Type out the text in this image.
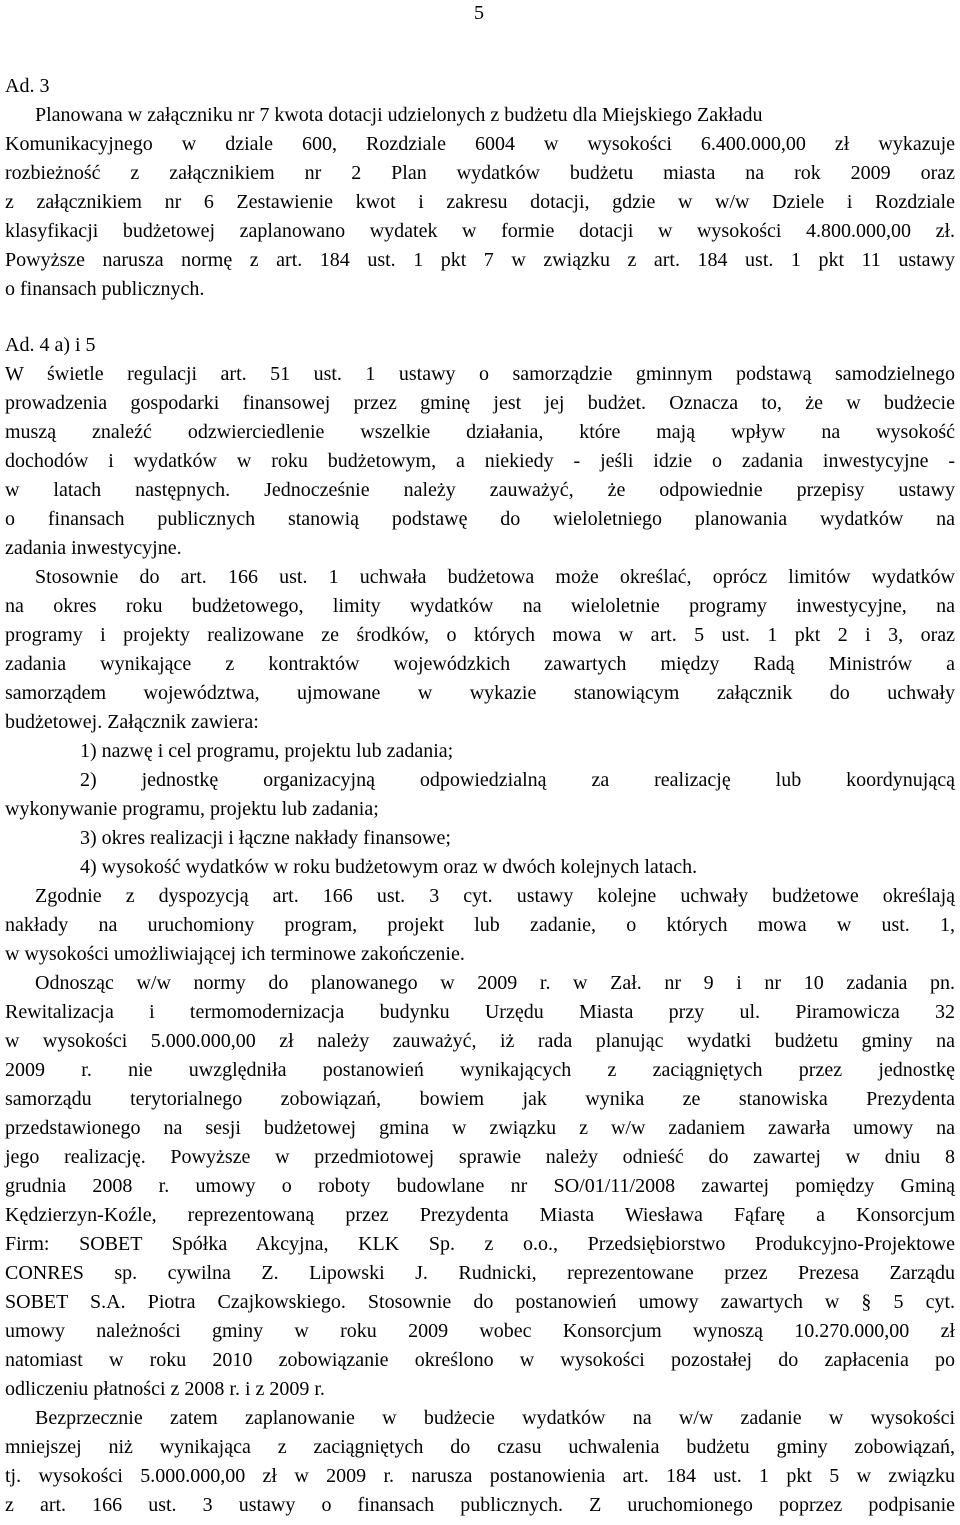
5
Ad. 3
Planowana w załączniku nr 7 kwota dotacji udzielonych z budżetu dla Miejskiego Zakładu
Komunikacyjnego w dziale 600, Rozdziale 6004 w wysokości 6.400.000,00 zł wykazuje
rozbieżność z załącznikiem nr 2 Plan wydatków budżetu miasta na rok 2009 oraz
z załącznikiem nr 6 Zestawienie kwot i zakresu dotacji, gdzie w w/w Dziele i Rozdziale
klasyfikacji budżetowej zaplanowano wydatek w formie dotacji w wysokości 4.800.000,00 zł.
Powyższe narusza normę z art. 184 ust. 1 pkt 7 w związku z art. 184 ust. 1 pkt 11 ustawy
o finansach publicznych.
Ad. 4 a) i 5
W świetle regulacji art. 51 ust. 1 ustawy o samorządzie gminnym podstawą samodzielnego
prowadzenia gospodarki finansowej przez gminę jest jej budżet. Oznacza to, że w budżecie
muszą znaleźć odzwierciedlenie wszelkie działania, które mają wpływ na wysokość
dochodów i wydatków w roku budżetowym, a niekiedy - jeśli idzie o zadania inwestycyjne -
w latach następnych. Jednocześnie należy zauważyć, że odpowiednie przepisy ustawy
o finansach publicznych stanowią podstawę do wieloletniego planowania wydatków na
zadania inwestycyjne.
Stosownie do art. 166 ust. 1 uchwała budżetowa może określać, oprócz limitów wydatków
na okres roku budżetowego, limity wydatków na wieloletnie programy inwestycyjne, na
programy i projekty realizowane ze środków, o których mowa w art. 5 ust. 1 pkt 2 i 3, oraz
zadania wynikające z kontraktów wojewódzkich zawartych między Radą Ministrów a
samorządem województwa, ujmowane w wykazie stanowiącym załącznik do uchwały
budżetowej. Załącznik zawiera:
1) nazwę i cel programu, projektu lub zadania;
2) jednostkę organizacyjną odpowiedzialną za realizację lub koordynującą
wykonywanie programu, projektu lub zadania;
3) okres realizacji i łączne nakłady finansowe;
4) wysokość wydatków w roku budżetowym oraz w dwóch kolejnych latach.
Zgodnie z dyspozycją art. 166 ust. 3 cyt. ustawy kolejne uchwały budżetowe określają
nakłady na uruchomiony program, projekt lub zadanie, o których mowa w ust. 1,
w wysokości umożliwiającej ich terminowe zakończenie.
Odnosząc w/w normy do planowanego w 2009 r. w Zał. nr 9 i nr 10 zadania pn.
Rewitalizacja i termomodernizacja budynku Urzędu Miasta przy ul. Piramowicza 32
w wysokości 5.000.000,00 zł należy zauważyć, iż rada planując wydatki budżetu gminy na
2009 r. nie uwzględniła postanowień wynikających z zaciągniętych przez jednostkę
samorządu terytorialnego zobowiązań, bowiem jak wynika ze stanowiska Prezydenta
przedstawionego na sesji budżetowej gmina w związku z w/w zadaniem zawarła umowy na
jego realizację. Powyższe w przedmiotowej sprawie należy odnieść do zawartej w dniu 8
grudnia 2008 r. umowy o roboty budowlane nr SO/01/11/2008 zawartej pomiędzy Gminą
Kędzierzyn-Koźle, reprezentowaną przez Prezydenta Miasta Wiesława Fąfarę a Konsorcjum
Firm: SOBET Spółka Akcyjna, KLK Sp. z o.o., Przedsiębiorstwo Produkcyjno-Projektowe
CONRES sp. cywilna Z. Lipowski J. Rudnicki, reprezentowane przez Prezesa Zarządu
SOBET S.A. Piotra Czajkowskiego. Stosownie do postanowień umowy zawartych w § 5 cyt.
umowy należności gminy w roku 2009 wobec Konsorcjum wynoszą 10.270.000,00 zł
natomiast w roku 2010 zobowiązanie określono w wysokości pozostałej do zapłacenia po
odliczeniu płatności z 2008 r. i z 2009 r.
Bezprzecznie zatem zaplanowanie w budżecie wydatków na w/w zadanie w wysokości
mniejszej niż wynikająca z zaciągniętych do czasu uchwalenia budżetu gminy zobowiązań,
tj. wysokości 5.000.000,00 zł w 2009 r. narusza postanowienia art. 184 ust. 1 pkt 5 w związku
z art. 166 ust. 3 ustawy o finansach publicznych. Z uruchomionego poprzez podpisanie
